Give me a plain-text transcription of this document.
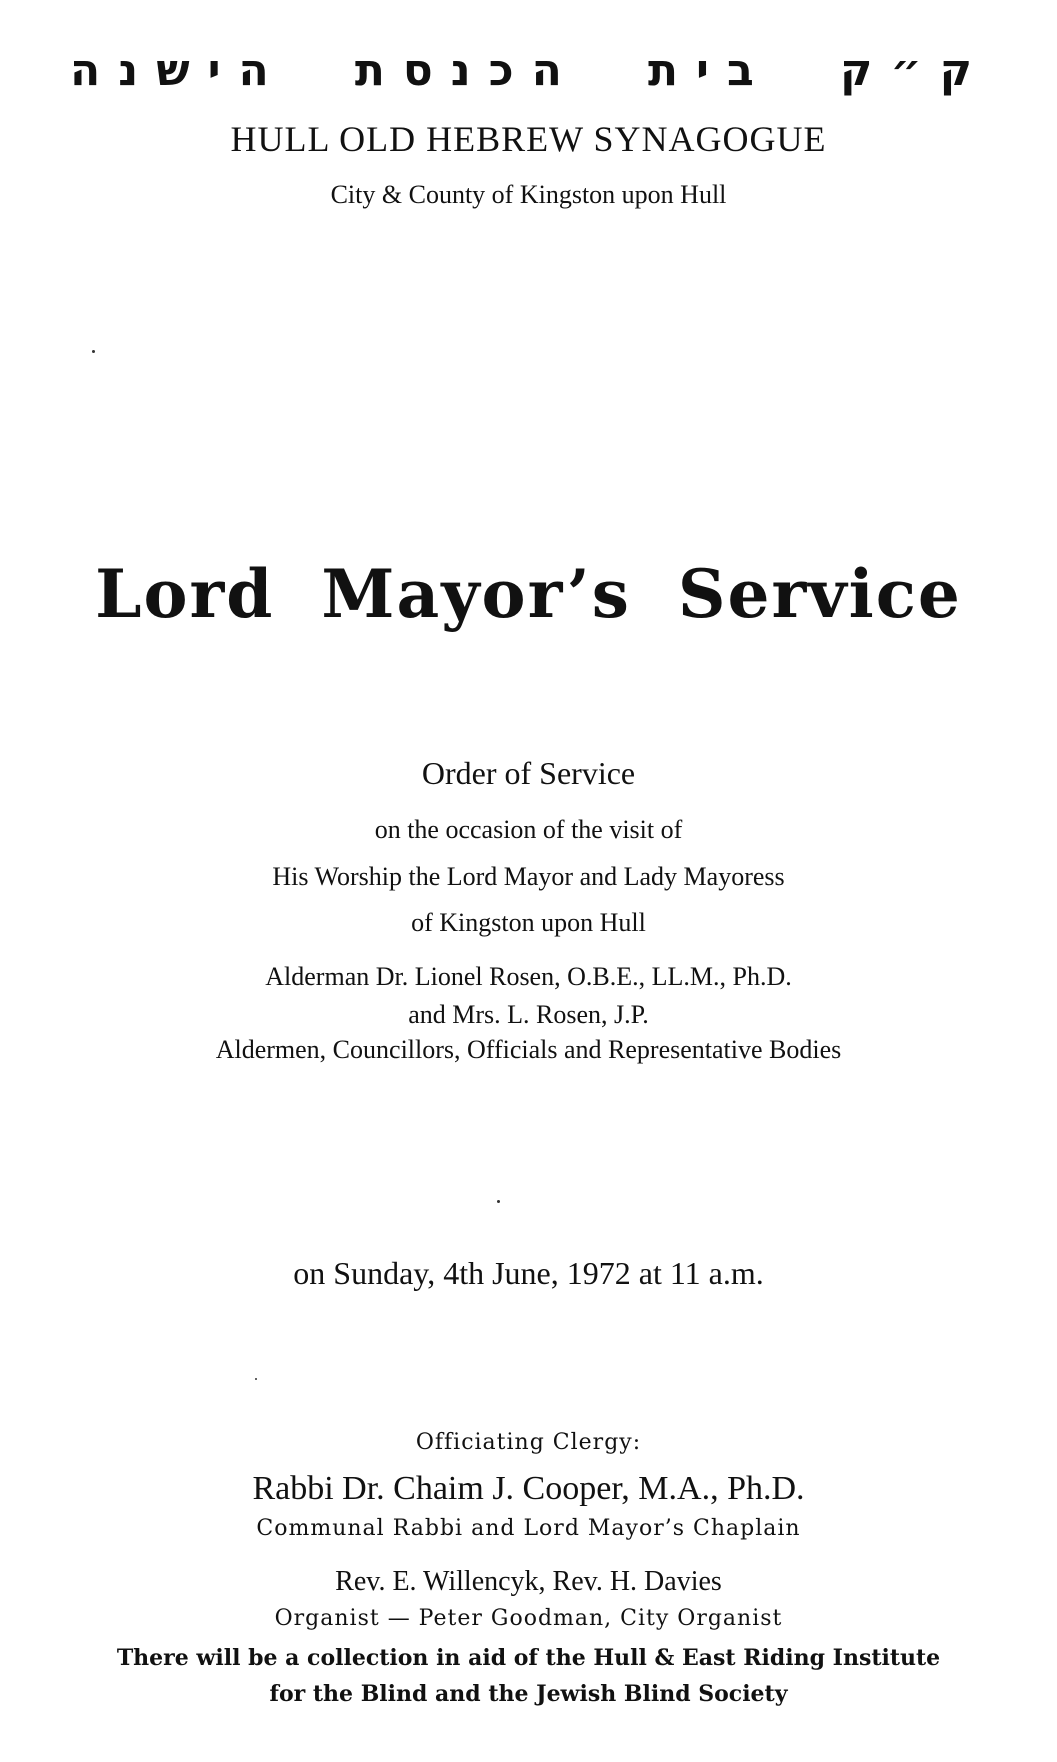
ק״ק
בית
הכנסת
הישנה
HULL OLD HEBREW SYNAGOGUE
City & County of Kingston upon Hull
Lord Mayor’s Service
Order of Service
on the occasion of the visit of
His Worship the Lord Mayor and Lady Mayoress
of Kingston upon Hull
Alderman Dr. Lionel Rosen, O.B.E., LL.M., Ph.D.
and Mrs. L. Rosen, J.P.
Aldermen, Councillors, Officials and Representative Bodies
on Sunday, 4th June, 1972 at 11 a.m.
Officiating Clergy:
Rabbi Dr. Chaim J. Cooper, M.A., Ph.D.
Communal Rabbi and Lord Mayor’s Chaplain
Rev. E. Willencyk, Rev. H. Davies
Organist — Peter Goodman, City Organist
There will be a collection in aid of the Hull & East Riding Institute
for the Blind and the Jewish Blind Society
